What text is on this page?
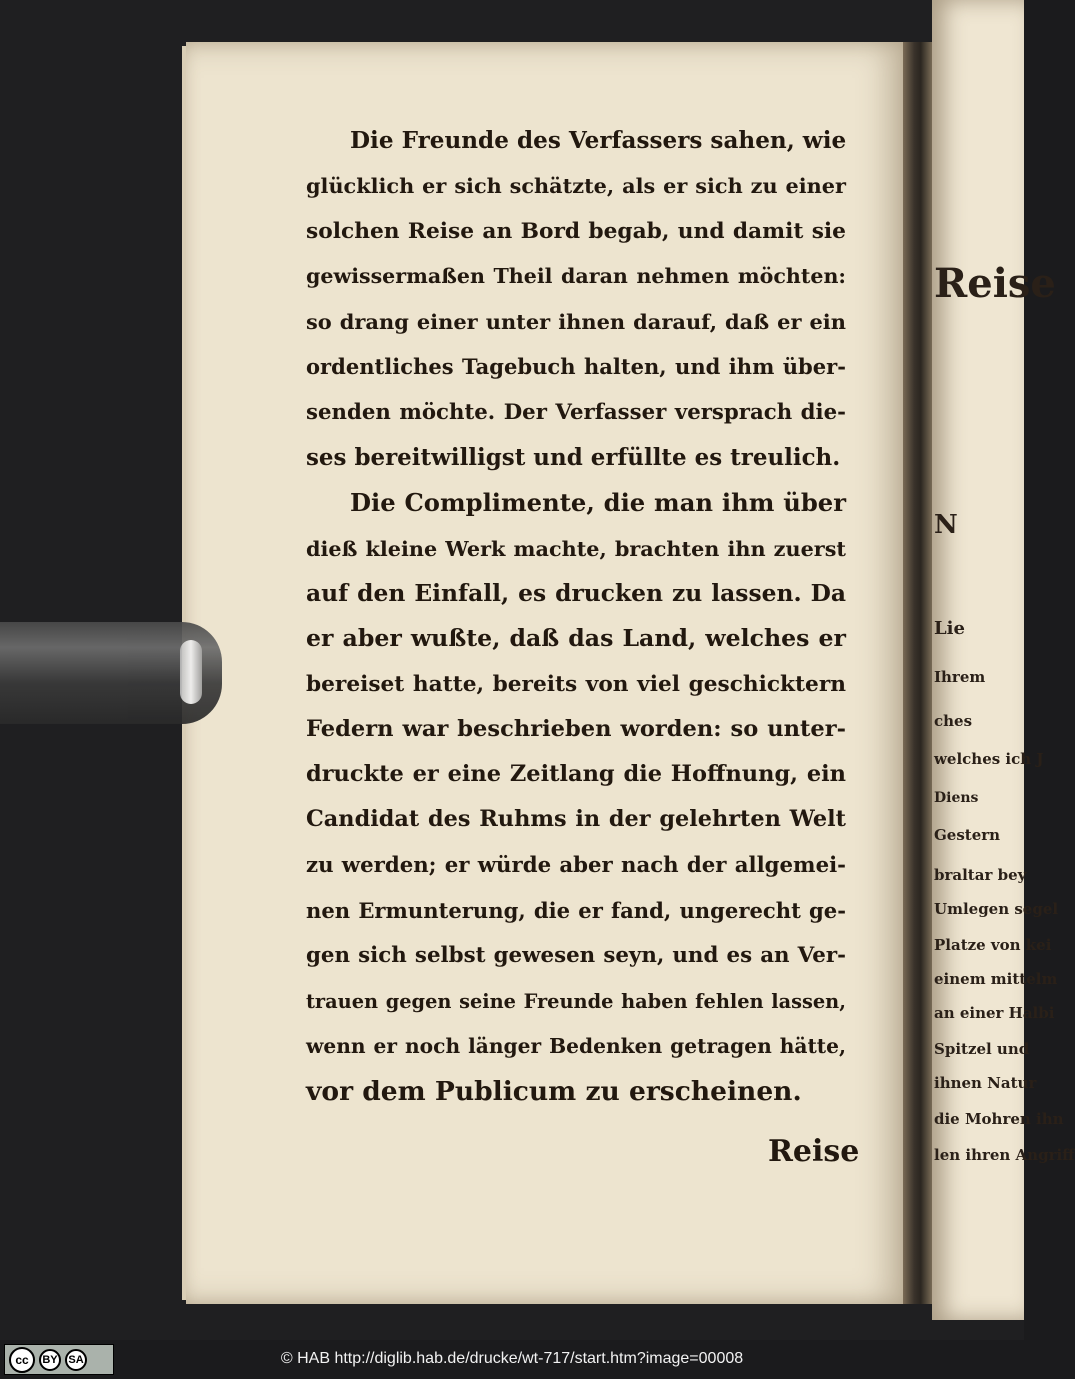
Reise
N
Lie
Ihrem
ches
welches ich J
Diens
Gestern
braltar bey
Umlegen segel
Platze von kei
einem mittelm
an einer Halbi
Spitzel und
ihnen Natur
die Mohren ihn
len ihren Angriff

Die Freunde des Verfassers sahen, wie
glücklich er sich schätzte, als er sich zu einer
solchen Reise an Bord begab, und damit sie
gewissermaßen Theil daran nehmen möchten:
so drang einer unter ihnen darauf, daß er ein
ordentliches Tagebuch halten, und ihm über-
senden möchte. Der Verfasser versprach die-
ses bereitwilligst und erfüllte es treulich.

Die Complimente, die man ihm über
dieß kleine Werk machte, brachten ihn zuerst
auf den Einfall, es drucken zu lassen. Da
er aber wußte, daß das Land, welches er
bereiset hatte, bereits von viel geschicktern
Federn war beschrieben worden: so unter-
druckte er eine Zeitlang die Hoffnung, ein
Candidat des Ruhms in der gelehrten Welt
zu werden; er würde aber nach der allgemei-
nen Ermunterung, die er fand, ungerecht ge-
gen sich selbst gewesen seyn, und es an Ver-
trauen gegen seine Freunde haben fehlen lassen,
wenn er noch länger Bedenken getragen hätte,
vor dem Publicum zu erscheinen.

Reise
cc	BY SA	© HAB http://diglib.hab.de/drucke/wt-717/start.htm?image=00008
